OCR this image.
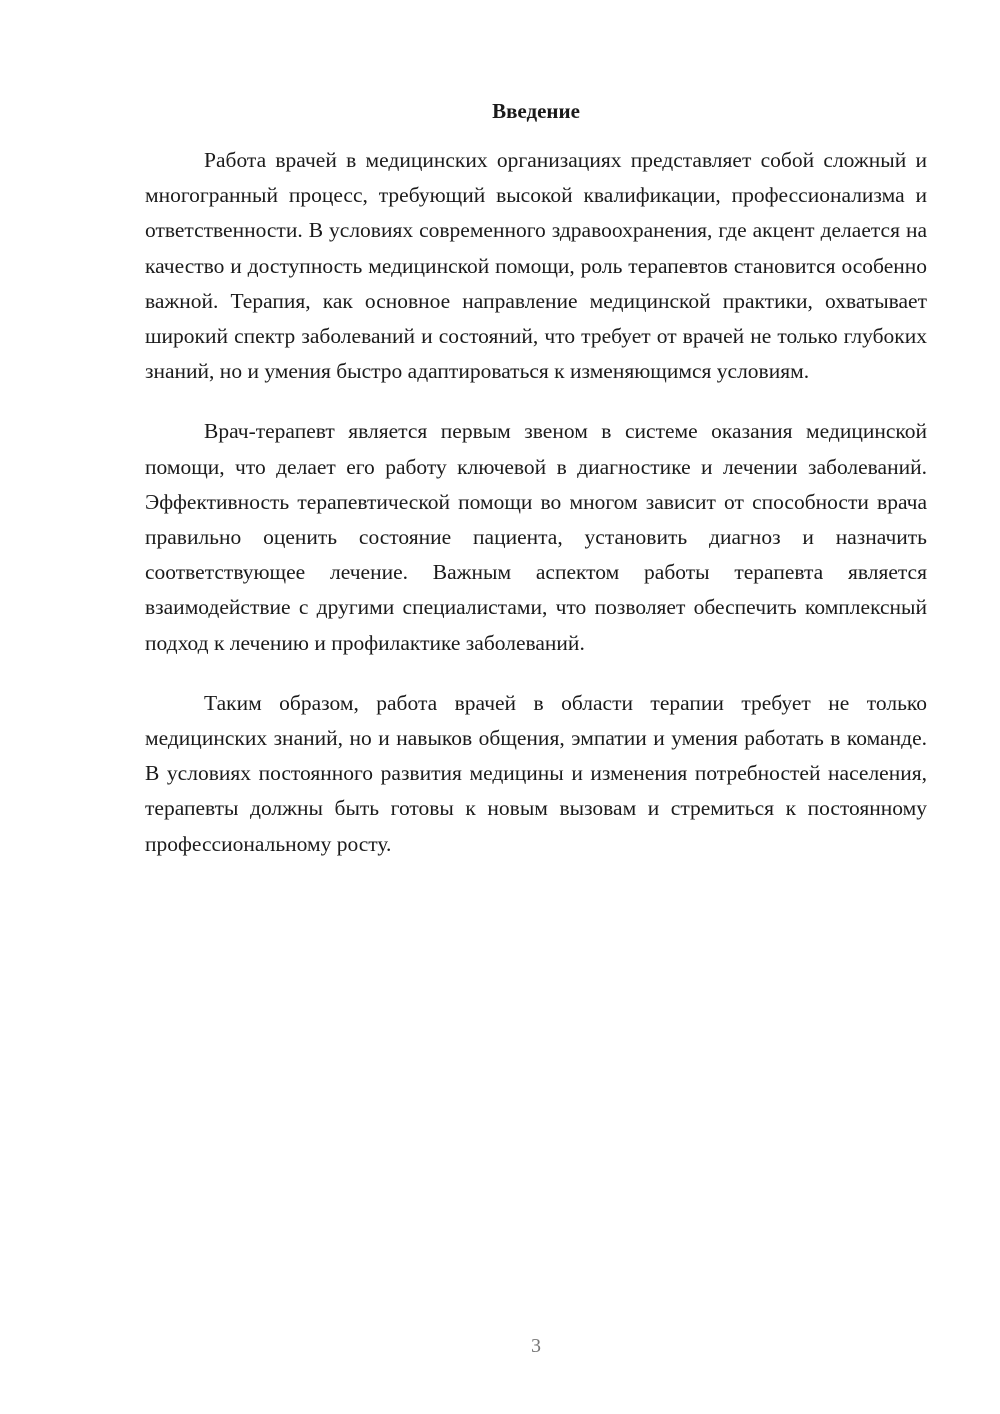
Введение

Работа врачей в медицинских организациях представляет собой сложный и многогранный процесс, требующий высокой квалификации, профессионализма и ответственности. В условиях современного здравоохранения, где акцент делается на качество и доступность медицинской помощи, роль терапевтов становится особенно важной. Терапия, как основное направление медицинской практики, охватывает широкий спектр заболеваний и состояний, что требует от врачей не только глубоких знаний, но и умения быстро адаптироваться к изменяющимся условиям.

Врач-терапевт является первым звеном в системе оказания медицинской помощи, что делает его работу ключевой в диагностике и лечении заболеваний. Эффективность терапевтической помощи во многом зависит от способности врача правильно оценить состояние пациента, установить диагноз и назначить соответствующее лечение. Важным аспектом работы терапевта является взаимодействие с другими специалистами, что позволяет обеспечить комплексный подход к лечению и профилактике заболеваний.

Таким образом, работа врачей в области терапии требует не только медицинских знаний, но и навыков общения, эмпатии и умения работать в команде. В условиях постоянного развития медицины и изменения потребностей населения, терапевты должны быть готовы к новым вызовам и стремиться к постоянному профессиональному росту.

3
